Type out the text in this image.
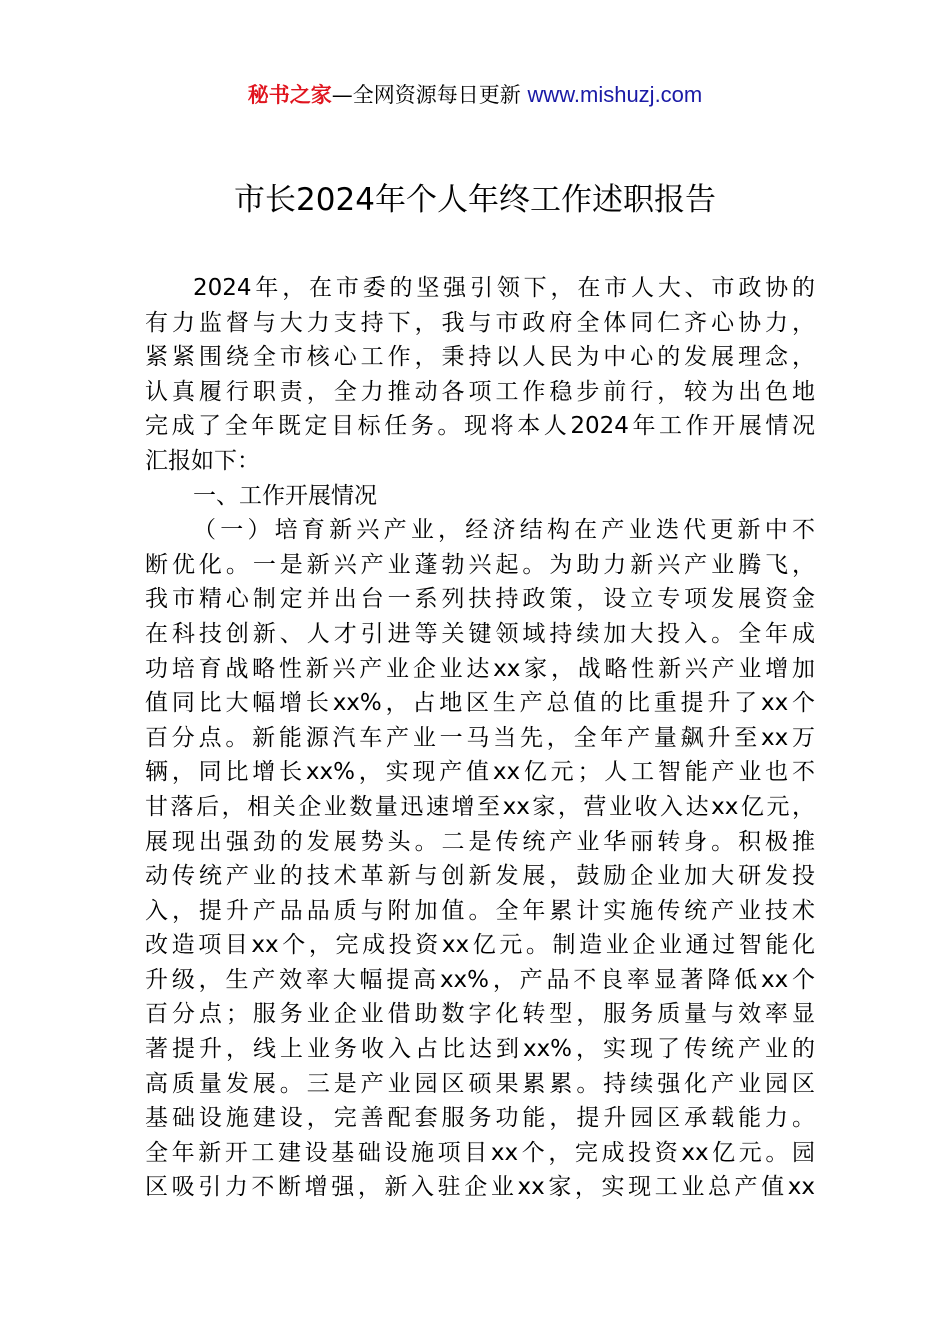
秘书之家—全网资源每日更新 www.mishuzj.com
市长2024年个人年终工作述职报告
2024年，在市委的坚强引领下，在市人大、市政协的
有力监督与大力支持下，我与市政府全体同仁齐心协力，
紧紧围绕全市核心工作，秉持以人民为中心的发展理念，
认真履行职责，全力推动各项工作稳步前行，较为出色地
完成了全年既定目标任务。现将本人2024年工作开展情况
汇报如下：
一、工作开展情况
（一）培育新兴产业，经济结构在产业迭代更新中不
断优化。一是新兴产业蓬勃兴起。为助力新兴产业腾飞，
我市精心制定并出台一系列扶持政策，设立专项发展资金
在科技创新、人才引进等关键领域持续加大投入。全年成
功培育战略性新兴产业企业达xx家，战略性新兴产业增加
值同比大幅增长xx%，占地区生产总值的比重提升了xx个
百分点。新能源汽车产业一马当先，全年产量飙升至xx万
辆，同比增长xx%，实现产值xx亿元；人工智能产业也不
甘落后，相关企业数量迅速增至xx家，营业收入达xx亿元，
展现出强劲的发展势头。二是传统产业华丽转身。积极推
动传统产业的技术革新与创新发展，鼓励企业加大研发投
入，提升产品品质与附加值。全年累计实施传统产业技术
改造项目xx个，完成投资xx亿元。制造业企业通过智能化
升级，生产效率大幅提高xx%，产品不良率显著降低xx个
百分点；服务业企业借助数字化转型，服务质量与效率显
著提升，线上业务收入占比达到xx%，实现了传统产业的
高质量发展。三是产业园区硕果累累。持续强化产业园区
基础设施建设，完善配套服务功能，提升园区承载能力。
全年新开工建设基础设施项目xx个，完成投资xx亿元。园
区吸引力不断增强，新入驻企业xx家，实现工业总产值xx
